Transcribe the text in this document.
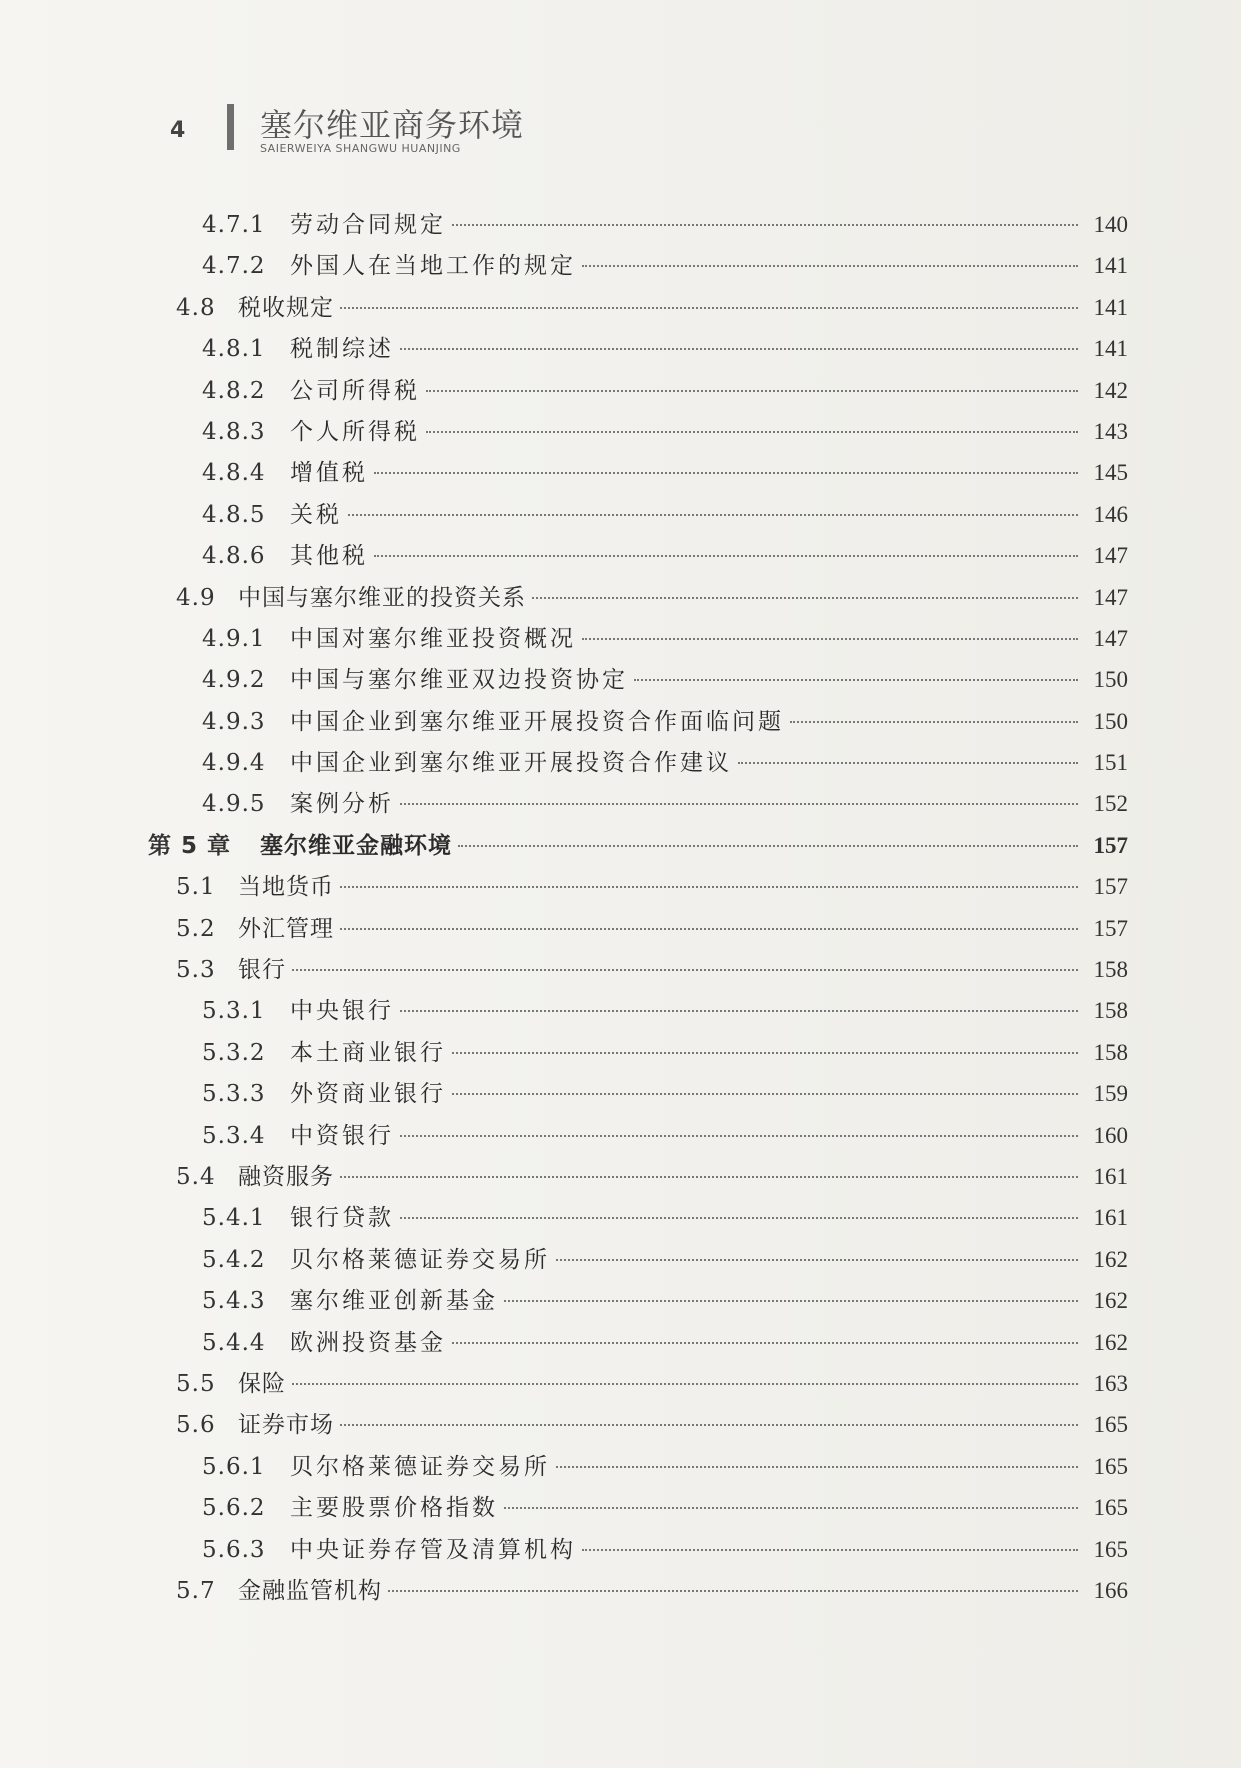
4 塞尔维亚商务环境
SAIERWEIYA SHANGWU HUANJING
4.7.1	劳动合同规定	140
4.7.2	外国人在当地工作的规定	141
4.8 税收规定	141
4.8.1	税制综述	141
4.8.2	公司所得税	142
4.8.3	个人所得税	143
4.8.4	增值税	145
4.8.5	关税	146
4.8.6	其他税	147
4.9 中国与塞尔维亚的投资关系	147
4.9.1	中国对塞尔维亚投资概况	147
4.9.2	中国与塞尔维亚双边投资协定	150
4.9.3	中国企业到塞尔维亚开展投资合作面临问题	150
4.9.4	中国企业到塞尔维亚开展投资合作建议	151
4.9.5	案例分析	152
第 5 章	塞尔维亚金融环境	157
5.1 当地货币	157
5.2 外汇管理	157
5.3 银行	158
5.3.1	中央银行	158
5.3.2	本土商业银行	158
5.3.3	外资商业银行	159
5.3.4	中资银行	160
5.4 融资服务	161
5.4.1	银行贷款	161
5.4.2	贝尔格莱德证券交易所	162
5.4.3	塞尔维亚创新基金	162
5.4.4	欧洲投资基金	162
5.5 保险	163
5.6 证券市场	165
5.6.1	贝尔格莱德证券交易所	165
5.6.2	主要股票价格指数	165
5.6.3	中央证券存管及清算机构	165
5.7 金融监管机构	166
